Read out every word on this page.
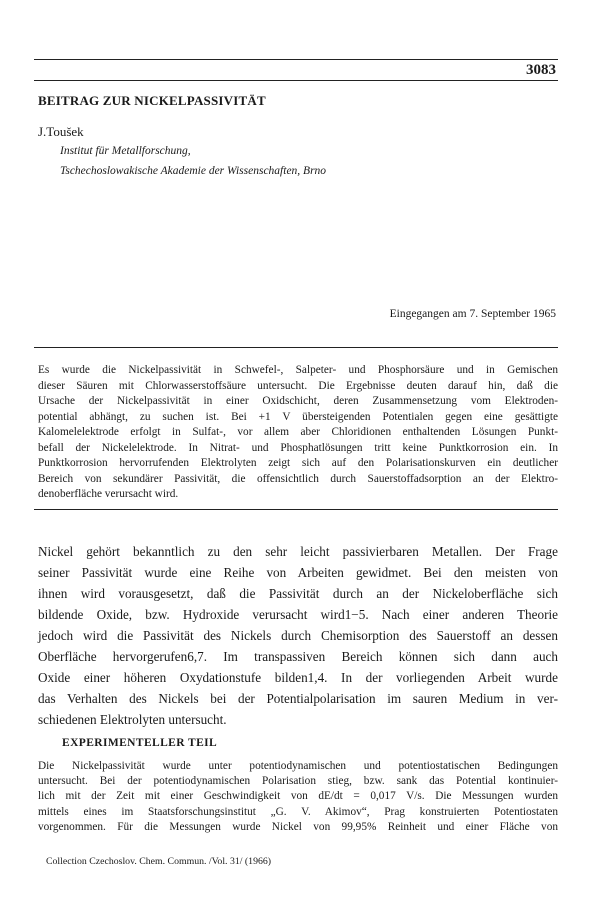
3083
BEITRAG ZUR NICKELPASSIVITÄT
J.Toušek
Institut für Metallforschung,
Tschechoslowakische Akademie der Wissenschaften, Brno
Eingegangen am 7. September 1965
Es wurde die Nickelpassivität in Schwefel-, Salpeter- und Phosphorsäure und in Gemischen
dieser Säuren mit Chlorwasserstoffsäure untersucht. Die Ergebnisse deuten darauf hin, daß die
Ursache der Nickelpassivität in einer Oxidschicht, deren Zusammensetzung vom Elektroden-
potential abhängt, zu suchen ist. Bei +1 V übersteigenden Potentialen gegen eine gesättigte
Kalomelelektrode erfolgt in Sulfat-, vor allem aber Chloridionen enthaltenden Lösungen Punkt-
befall der Nickelelektrode. In Nitrat- und Phosphatlösungen tritt keine Punktkorrosion ein. In
Punktkorrosion hervorrufenden Elektrolyten zeigt sich auf den Polarisationskurven ein deutlicher
Bereich von sekundärer Passivität, die offensichtlich durch Sauerstoffadsorption an der Elektro-
denoberfläche verursacht wird.
Nickel gehört bekanntlich zu den sehr leicht passivierbaren Metallen. Der Frage
seiner Passivität wurde eine Reihe von Arbeiten gewidmet. Bei den meisten von
ihnen wird vorausgesetzt, daß die Passivität durch an der Nickeloberfläche sich
bildende Oxide, bzw. Hydroxide verursacht wird1−5. Nach einer anderen Theorie
jedoch wird die Passivität des Nickels durch Chemisorption des Sauerstoff an dessen
Oberfläche hervorgerufen6,7. Im transpassiven Bereich können sich dann auch
Oxide einer höheren Oxydationstufe bilden1,4. In der vorliegenden Arbeit wurde
das Verhalten des Nickels bei der Potentialpolarisation im sauren Medium in ver-
schiedenen Elektrolyten untersucht.
EXPERIMENTELLER TEIL
Die Nickelpassivität wurde unter potentiodynamischen und potentiostatischen Bedingungen
untersucht. Bei der potentiodynamischen Polarisation stieg, bzw. sank das Potential kontinuier-
lich mit der Zeit mit einer Geschwindigkeit von dE/dt = 0,017 V/s. Die Messungen wurden
mittels eines im Staatsforschungsinstitut „G. V. Akimov“, Prag konstruierten Potentiostaten
vorgenommen. Für die Messungen wurde Nickel von 99,95% Reinheit und einer Fläche von
Collection Czechoslov. Chem. Commun. /Vol. 31/ (1966)
